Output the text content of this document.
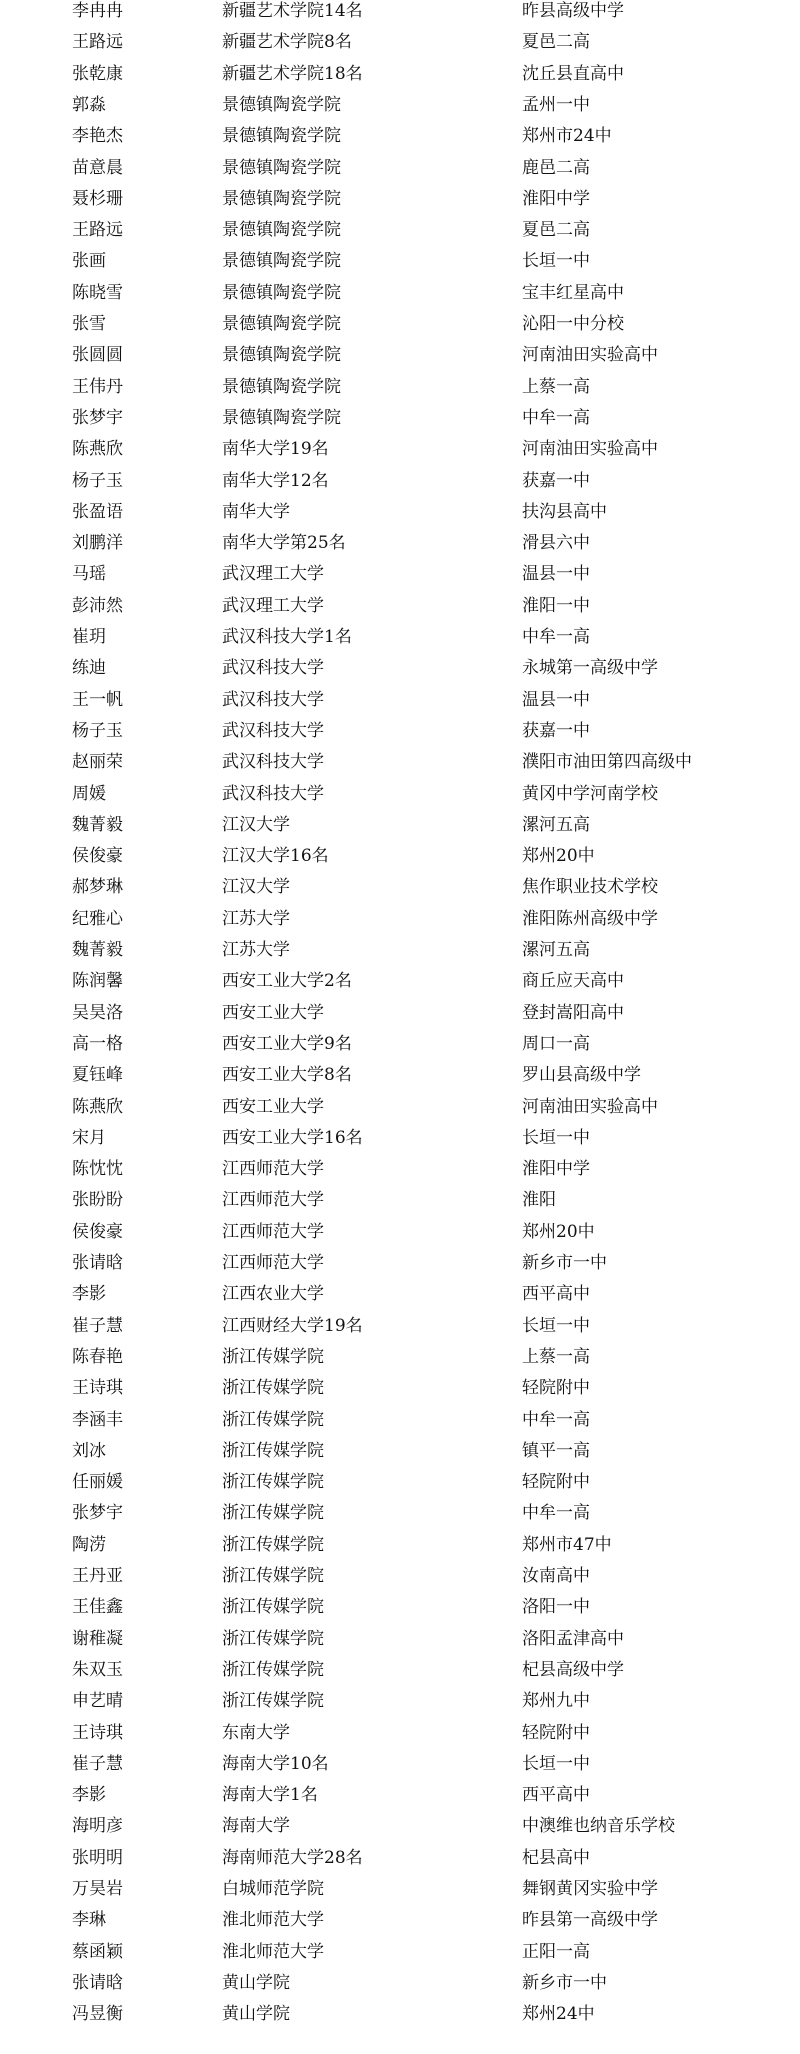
李冉冉	新疆艺术学院14名	昨县高级中学
王路远	新疆艺术学院8名	夏邑二高
张乾康	新疆艺术学院18名	沈丘县直高中
郭淼	景德镇陶瓷学院	孟州一中
李艳杰	景德镇陶瓷学院	郑州市24中
苗意晨	景德镇陶瓷学院	鹿邑二高
聂杉珊	景德镇陶瓷学院	淮阳中学
王路远	景德镇陶瓷学院	夏邑二高
张画	景德镇陶瓷学院	长垣一中
陈晓雪	景德镇陶瓷学院	宝丰红星高中
张雪	景德镇陶瓷学院	沁阳一中分校
张圆圆	景德镇陶瓷学院	河南油田实验高中
王伟丹	景德镇陶瓷学院	上蔡一高
张梦宇	景德镇陶瓷学院	中牟一高
陈燕欣	南华大学19名	河南油田实验高中
杨子玉	南华大学12名	获嘉一中
张盈语	南华大学	扶沟县高中
刘鹏洋	南华大学第25名	滑县六中
马瑶	武汉理工大学	温县一中
彭沛然	武汉理工大学	淮阳一中
崔玥	武汉科技大学1名	中牟一高
练迪	武汉科技大学	永城第一高级中学
王一帆	武汉科技大学	温县一中
杨子玉	武汉科技大学	获嘉一中
赵丽荣	武汉科技大学	濮阳市油田第四高级中
周媛	武汉科技大学	黄冈中学河南学校
魏菁毅	江汉大学	漯河五高
侯俊豪	江汉大学16名	郑州20中
郝梦琳	江汉大学	焦作职业技术学校
纪雅心	江苏大学	淮阳陈州高级中学
魏菁毅	江苏大学	漯河五高
陈润馨	西安工业大学2名	商丘应天高中
吴昊洛	西安工业大学	登封嵩阳高中
高一格	西安工业大学9名	周口一高
夏钰峰	西安工业大学8名	罗山县高级中学
陈燕欣	西安工业大学	河南油田实验高中
宋月	西安工业大学16名	长垣一中
陈忱忱	江西师范大学	淮阳中学
张盼盼	江西师范大学	淮阳
侯俊豪	江西师范大学	郑州20中
张请晗	江西师范大学	新乡市一中
李影	江西农业大学	西平高中
崔子慧	江西财经大学19名	长垣一中
陈春艳	浙江传媒学院	上蔡一高
王诗琪	浙江传媒学院	轻院附中
李涵丰	浙江传媒学院	中牟一高
刘冰	浙江传媒学院	镇平一高
任丽媛	浙江传媒学院	轻院附中
张梦宇	浙江传媒学院	中牟一高
陶涝	浙江传媒学院	郑州市47中
王丹亚	浙江传媒学院	汝南高中
王佳鑫	浙江传媒学院	洛阳一中
谢稚凝	浙江传媒学院	洛阳孟津高中
朱双玉	浙江传媒学院	杞县高级中学
申艺晴	浙江传媒学院	郑州九中
王诗琪	东南大学	轻院附中
崔子慧	海南大学10名	长垣一中
李影	海南大学1名	西平高中
海明彦	海南大学	中澳维也纳音乐学校
张明明	海南师范大学28名	杞县高中
万昊岩	白城师范学院	舞钢黄冈实验中学
李琳	淮北师范大学	昨县第一高级中学
蔡函颖	淮北师范大学	正阳一高
张请晗	黄山学院	新乡市一中
冯昱衡	黄山学院	郑州24中
